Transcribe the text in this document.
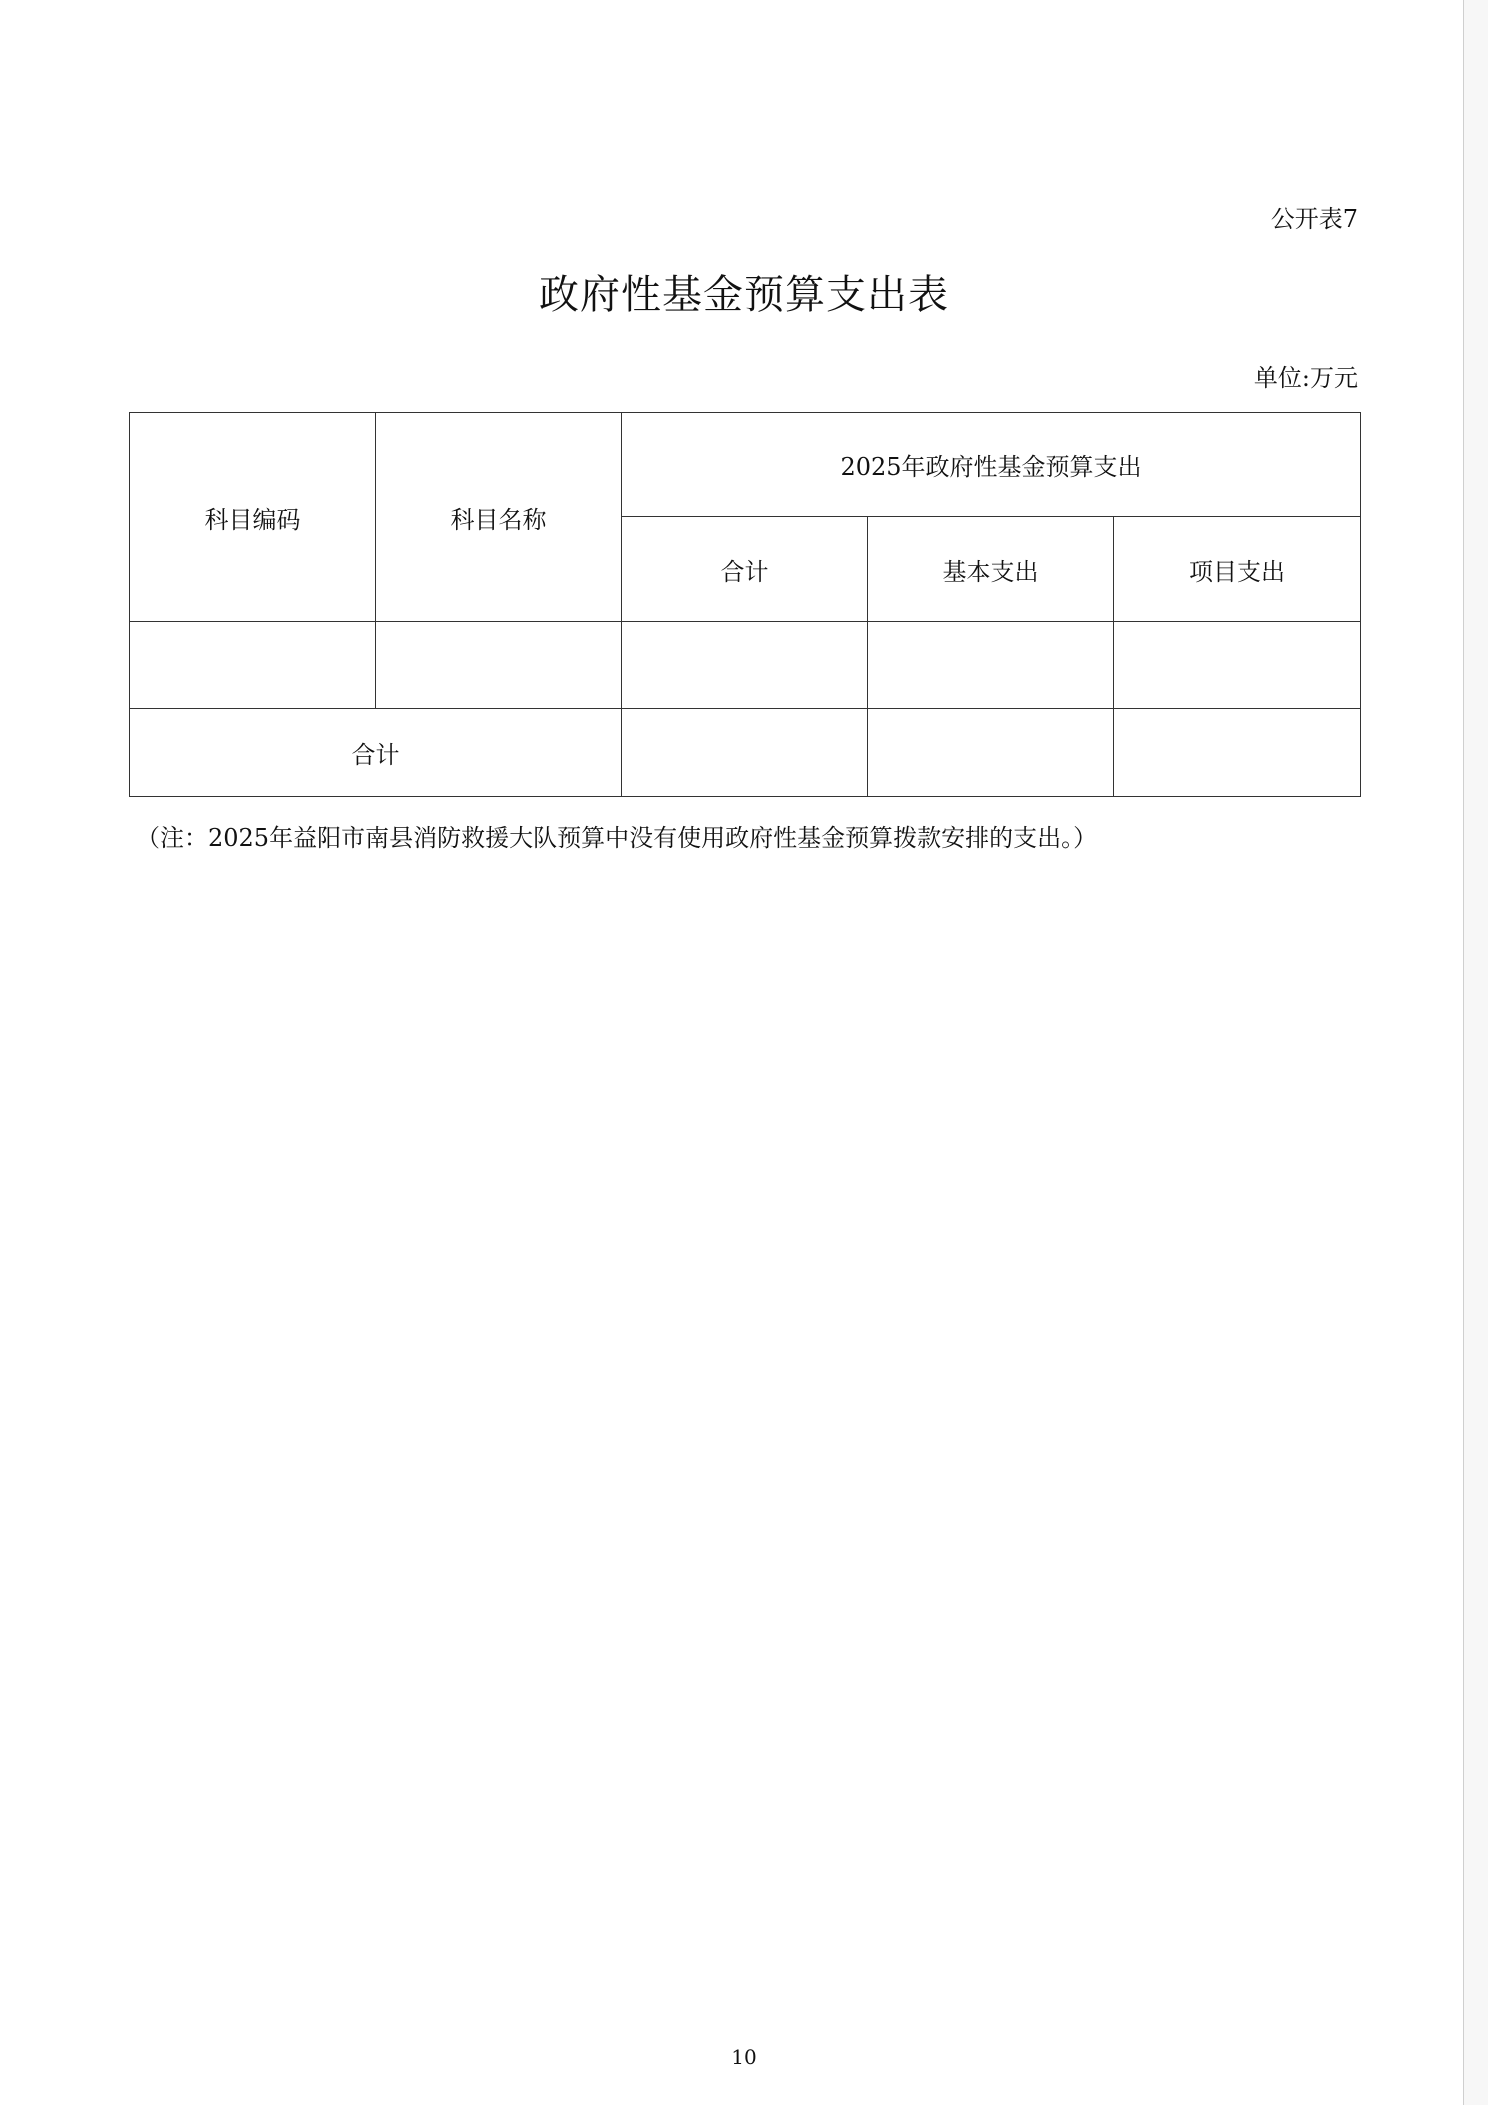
公开表7
政府性基金预算支出表
单位:万元
科目编码	科目名称	2025年政府性基金预算支出		
		合计	基本支出	项目支出

合计				
（注：2025年益阳市南县消防救援大队预算中没有使用政府性基金预算拨款安排的支出。）
10
